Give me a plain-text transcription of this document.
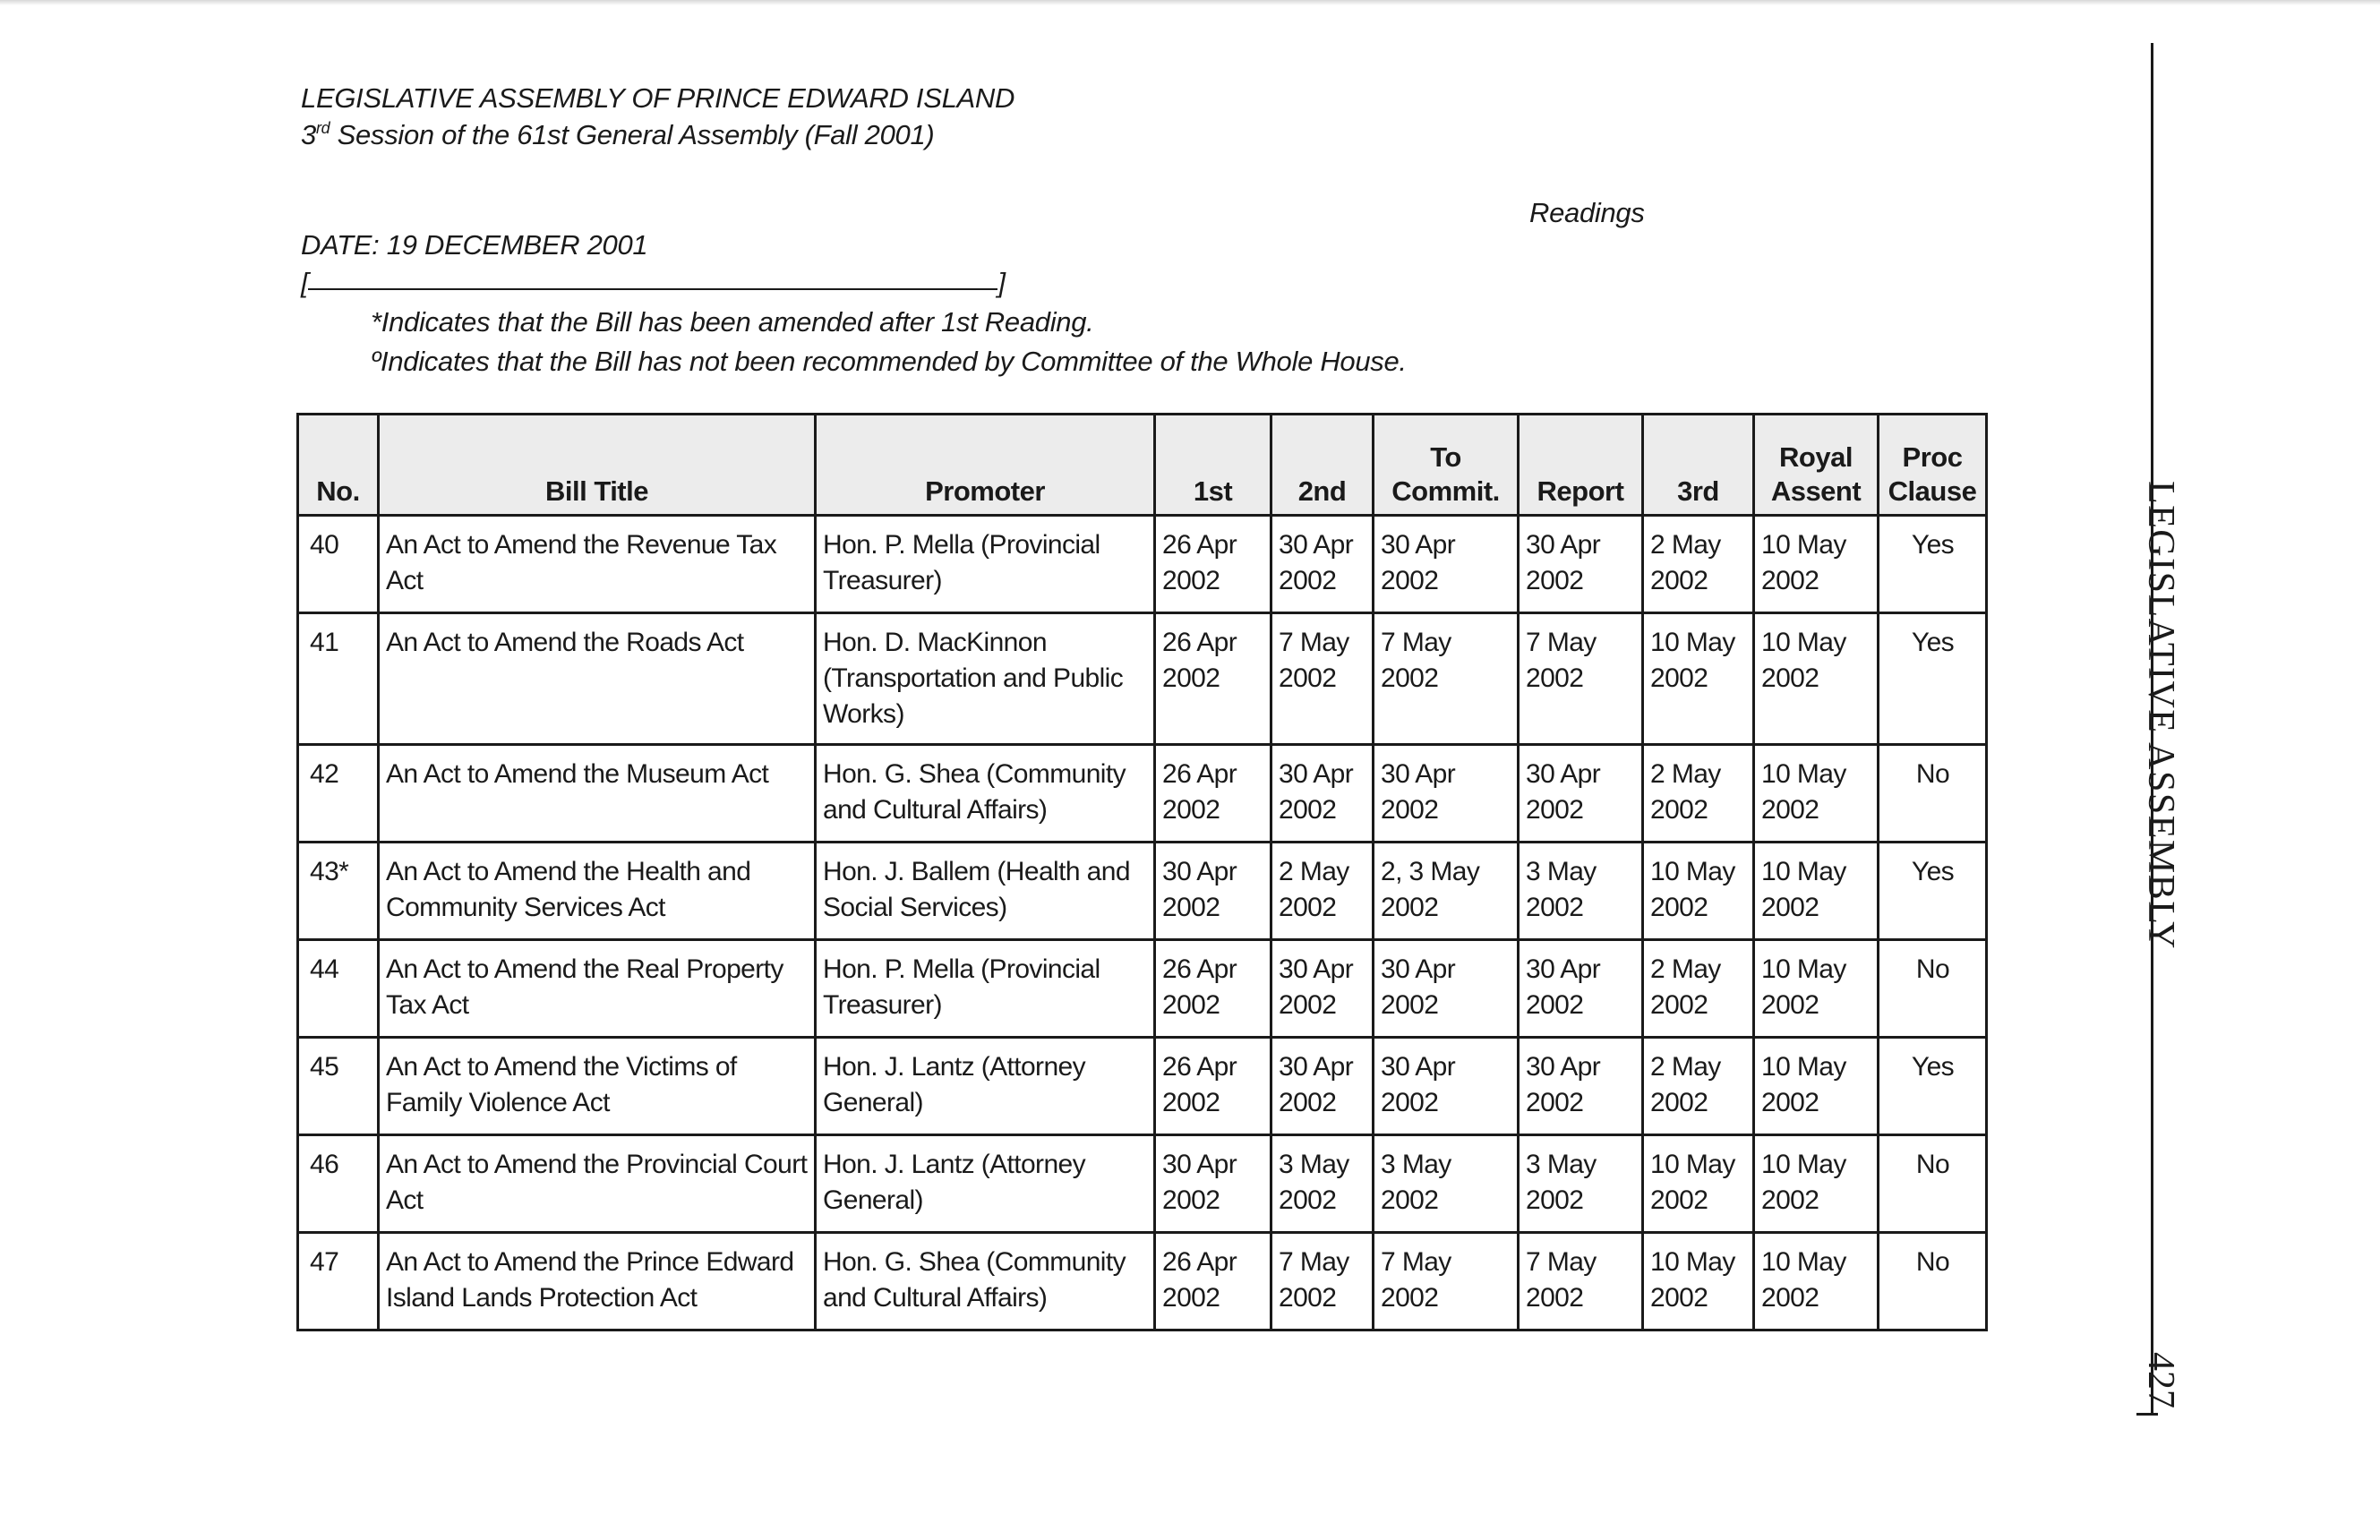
LEGISLATIVE ASSEMBLY OF PRINCE EDWARD ISLAND
3rd Session of the 61st General Assembly (Fall 2001)
Readings
DATE: 19 DECEMBER 2001
[	]
*Indicates that the Bill has been amended after 1st Reading.
ºIndicates that the Bill has not been recommended by Committee of the Whole House.
No.	Bill Title	Promoter	1st	2nd	To Commit.	Report	3rd	Royal Assent	Proc Clause
40	An Act to Amend the Revenue Tax Act	Hon. P. Mella (Provincial Treasurer)	26 Apr 2002	30 Apr 2002	30 Apr 2002	30 Apr 2002	2 May 2002	10 May 2002	Yes
41	An Act to Amend the Roads Act	Hon. D. MacKinnon (Transportation and Public Works)	26 Apr 2002	7 May 2002	7 May 2002	7 May 2002	10 May 2002	10 May 2002	Yes
42	An Act to Amend the Museum Act	Hon. G. Shea (Community and Cultural Affairs)	26 Apr 2002	30 Apr 2002	30 Apr 2002	30 Apr 2002	2 May 2002	10 May 2002	No
43*	An Act to Amend the Health and Community Services Act	Hon. J. Ballem (Health and Social Services)	30 Apr 2002	2 May 2002	2, 3 May 2002	3 May 2002	10 May 2002	10 May 2002	Yes
44	An Act to Amend the Real Property Tax Act	Hon. P. Mella (Provincial Treasurer)	26 Apr 2002	30 Apr 2002	30 Apr 2002	30 Apr 2002	2 May 2002	10 May 2002	No
45	An Act to Amend the Victims of Family Violence Act	Hon. J. Lantz (Attorney General)	26 Apr 2002	30 Apr 2002	30 Apr 2002	30 Apr 2002	2 May 2002	10 May 2002	Yes
46	An Act to Amend the Provincial Court Act	Hon. J. Lantz (Attorney General)	30 Apr 2002	3 May 2002	3 May 2002	3 May 2002	10 May 2002	10 May 2002	No
47	An Act to Amend the Prince Edward Island Lands Protection Act	Hon. G. Shea (Community and Cultural Affairs)	26 Apr 2002	7 May 2002	7 May 2002	7 May 2002	10 May 2002	10 May 2002	No
LEGISLATIVE ASSEMBLY
427
